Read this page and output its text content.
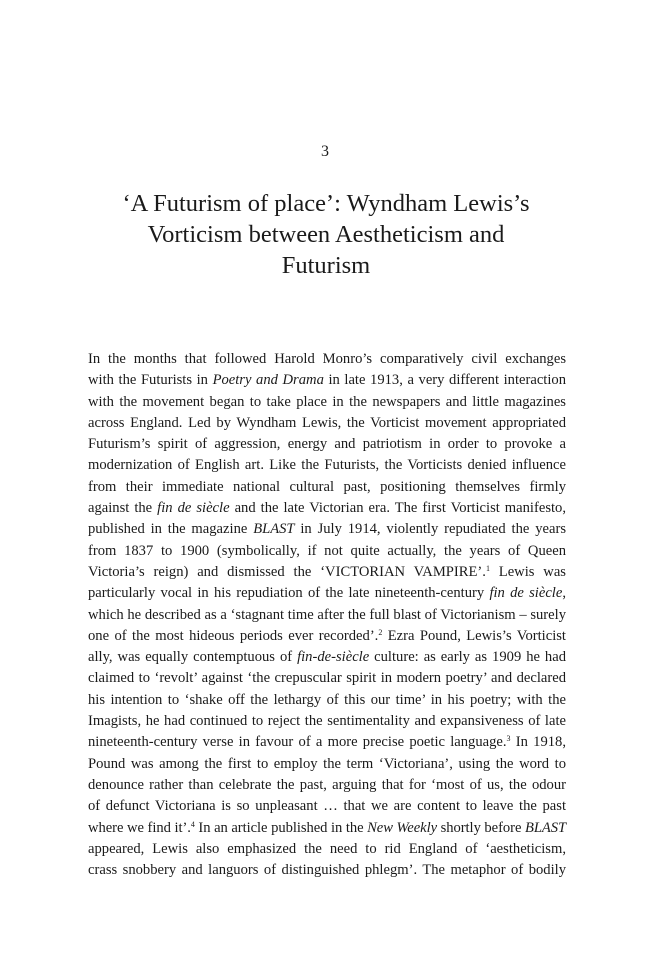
3
‘A Futurism of place’: Wyndham Lewis’s
Vorticism between Aestheticism and
Futurism
In the months that followed Harold Monro’s comparatively civil exchanges
with the Futurists in Poetry and Drama in late 1913, a very different interaction
with the movement began to take place in the newspapers and little magazines
across England. Led by Wyndham Lewis, the Vorticist movement appropriated
Futurism’s spirit of aggression, energy and patriotism in order to provoke a
modernization of English art. Like the Futurists, the Vorticists denied influence
from their immediate national cultural past, positioning themselves firmly
against the fin de siècle and the late Victorian era. The first Vorticist manifesto,
published in the magazine BLAST in July 1914, violently repudiated the years
from 1837 to 1900 (symbolically, if not quite actually, the years of Queen
Victoria’s reign) and dismissed the ‘VICTORIAN VAMPIRE’.$^1$ Lewis was
particularly vocal in his repudiation of the late nineteenth-century fin de siècle,
which he described as a ‘stagnant time after the full blast of Victorianism – surely
one of the most hideous periods ever recorded’.$^2$ Ezra Pound, Lewis’s Vorticist
ally, was equally contemptuous of fin-de-siècle culture: as early as 1909 he had
claimed to ‘revolt’ against ‘the crepuscular spirit in modern poetry’ and declared
his intention to ‘shake off the lethargy of this our time’ in his poetry; with the
Imagists, he had continued to reject the sentimentality and expansiveness of late
nineteenth-century verse in favour of a more precise poetic language.$^3$ In 1918,
Pound was among the first to employ the term ‘Victoriana’, using the word to
denounce rather than celebrate the past, arguing that for ‘most of us, the odour
of defunct Victoriana is so unpleasant … that we are content to leave the past
where we find it’.$^4$ In an article published in the New Weekly shortly before BLAST
appeared, Lewis also emphasized the need to rid England of ‘aestheticism,
crass snobbery and languors of distinguished phlegm’. The metaphor of bodily
